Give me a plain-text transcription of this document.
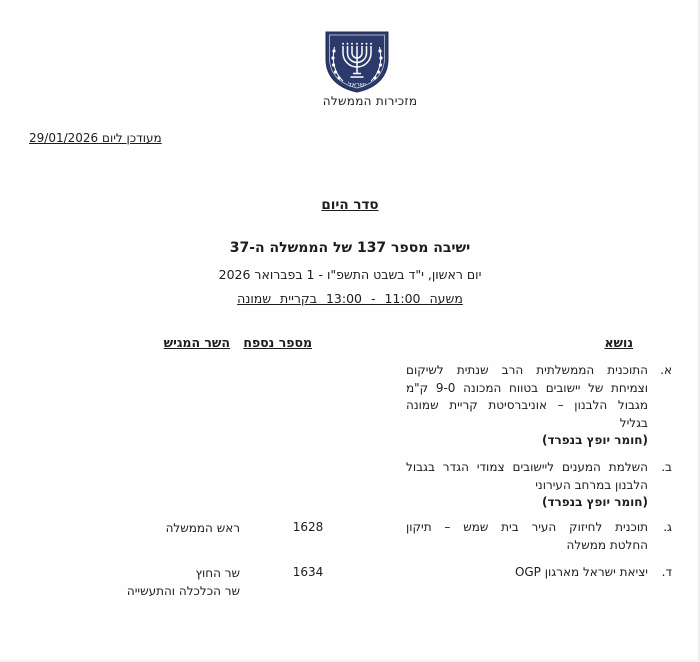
ישראל
מזכירות הממשלה
מעודכן ליום 29/01/2026
סדר היום
ישיבה מספר 137 של הממשלה ה-37
יום ראשון, י"ד בשבט התשפ"ו - 1 בפברואר 2026
משעה 11:00 - 13:00 בקריית שמונה
נושא
מספר נספח
השר המגיש
א.
התוכנית הממשלתית הרב שנתית לשיקום
וצמיחת של יישובים בטווח המכונה 9-0 ק"מ
מגבול הלבנון – אוניברסיטת קריית שמונה
בגליל
(חומר יופץ בנפרד)
ב.
השלמת המענים ליישובים צמודי הגדר בגבול
הלבנון במרחב העירוני
(חומר יופץ בנפרד)
ג.
תוכנית לחיזוק העיר בית שמש – תיקון
החלטת ממשלה
1628
ראש הממשלה
ד.
יציאת ישראל מארגון OGP
1634
שר החוץ
שר הכלכלה והתעשייה
